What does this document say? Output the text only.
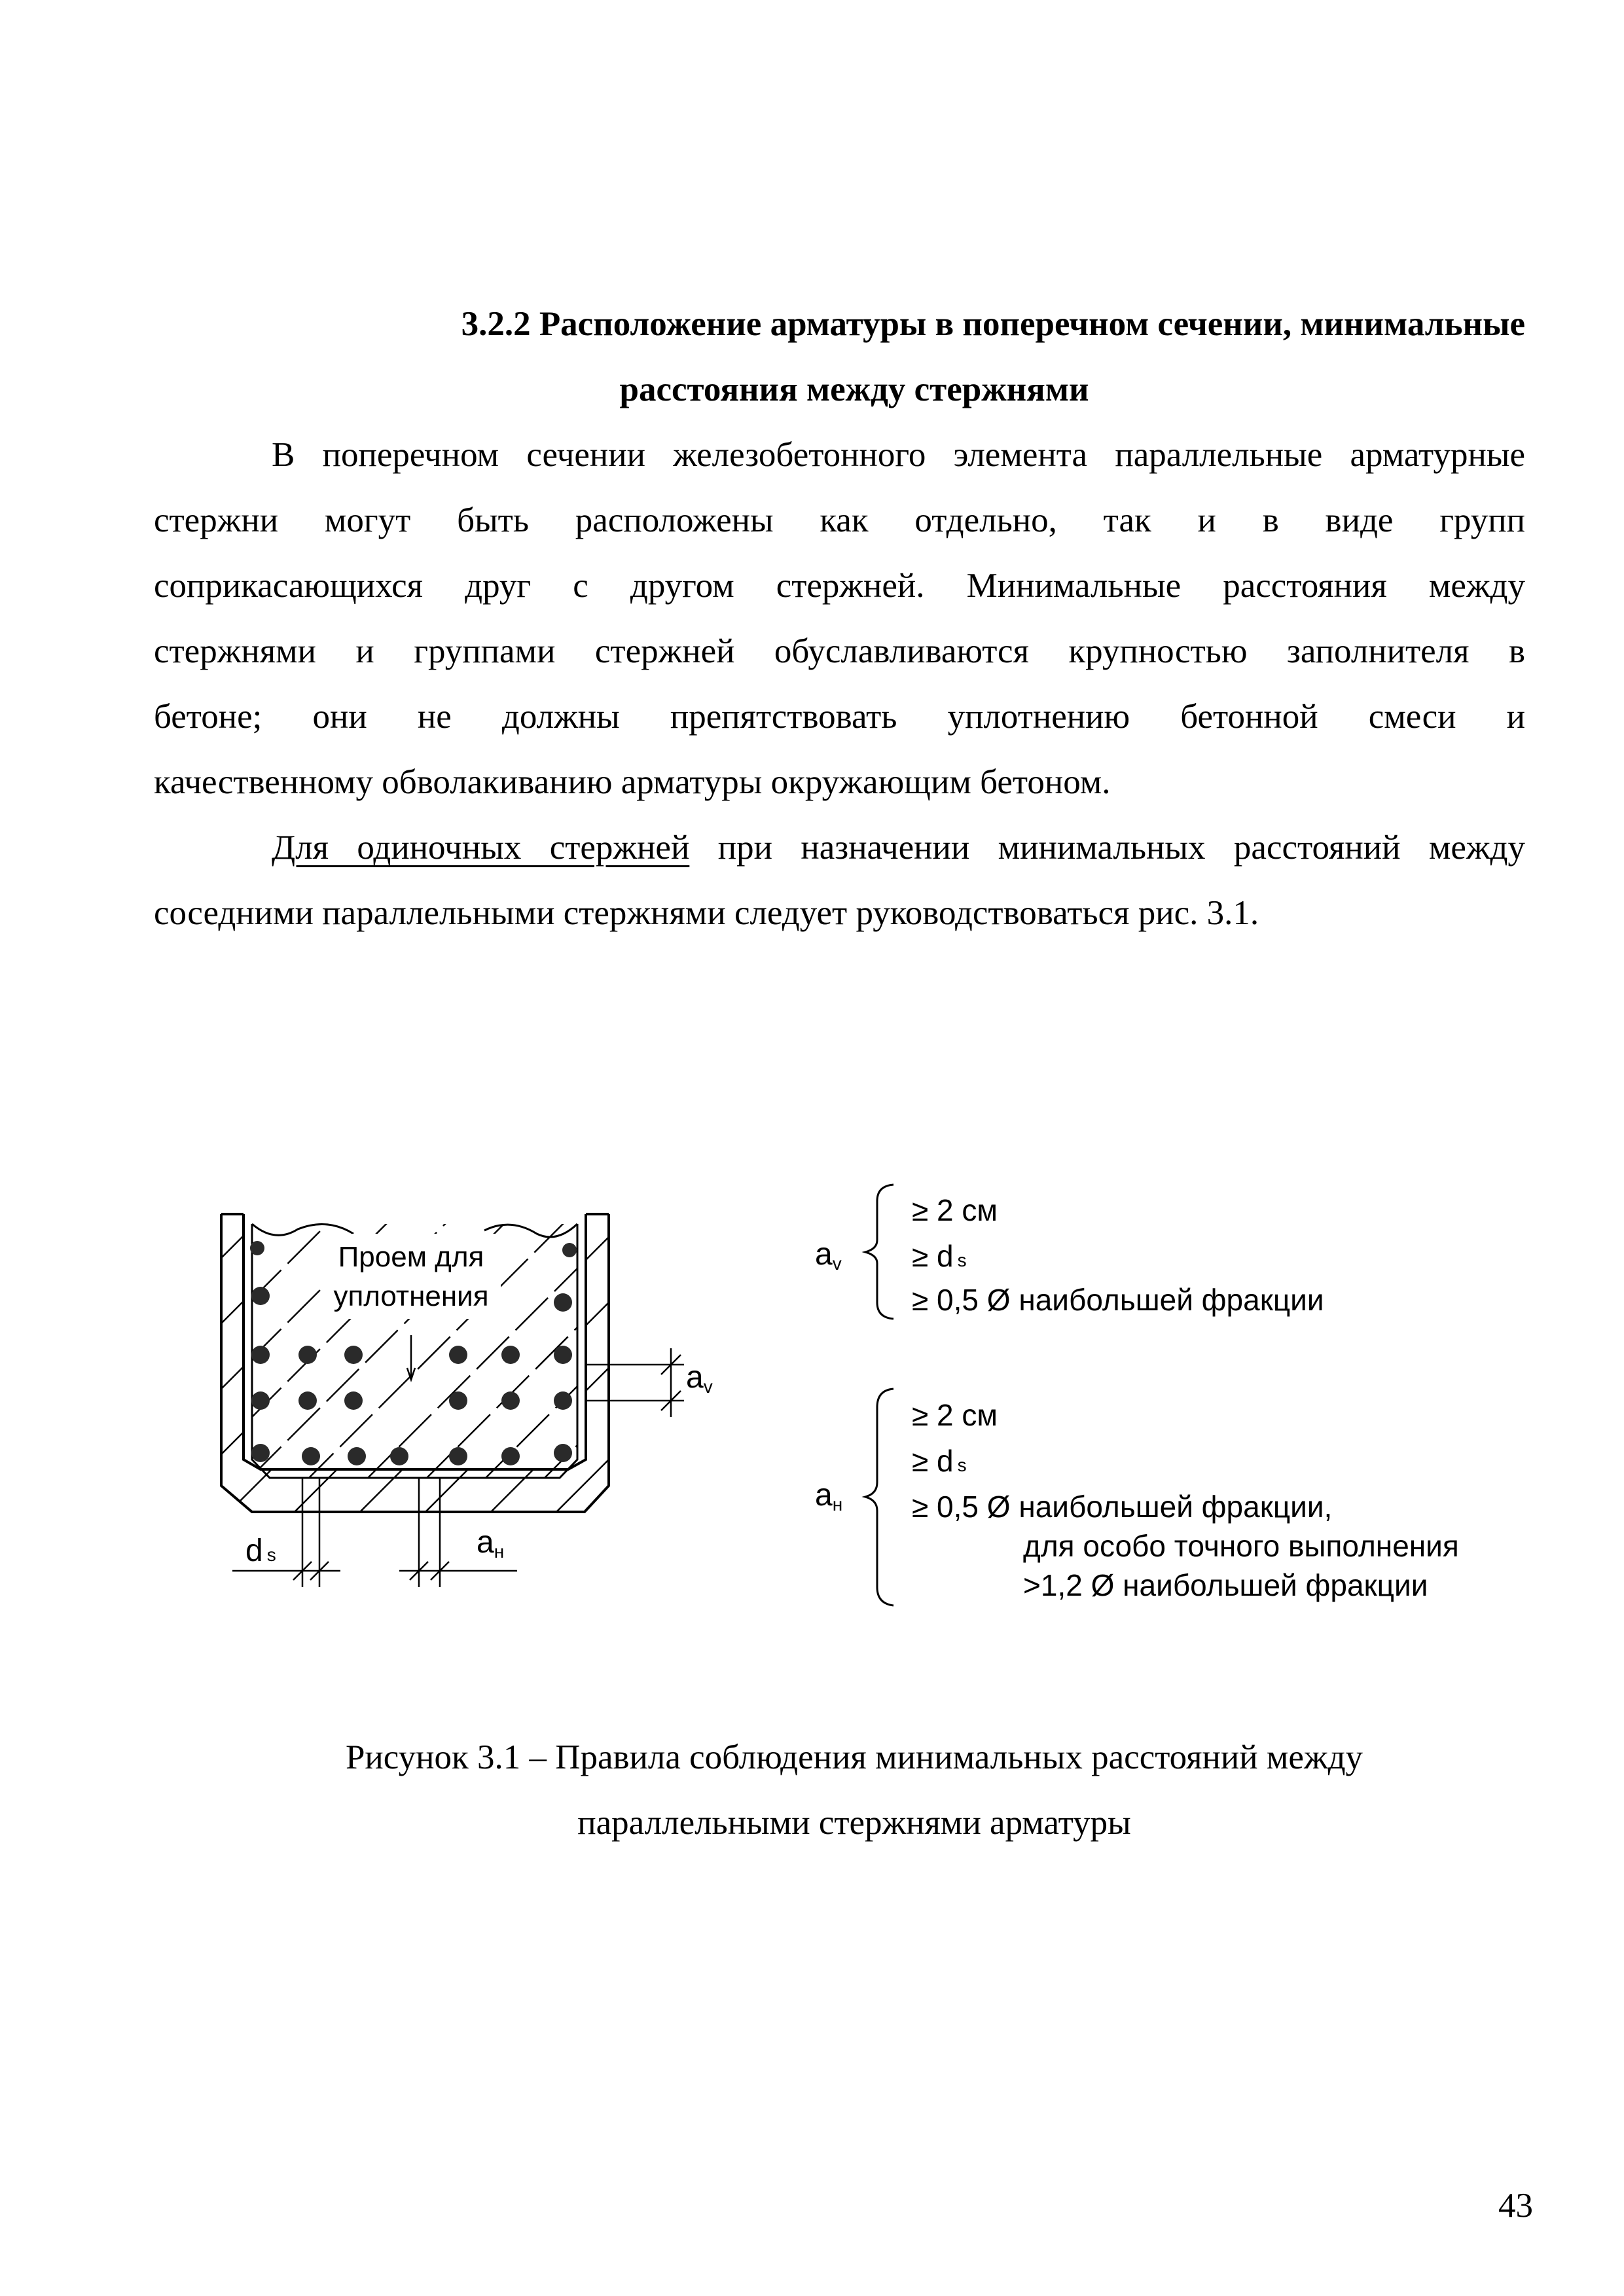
3.2.2 Расположение арматуры в поперечном сечении, минимальные
расстояния между стержнями
В поперечном сечении железобетонного элемента параллельные арматурные
стержни могут быть расположены как отдельно, так и в виде групп
соприкасающихся друг с другом стержней. Минимальные расстояния между
стержнями и группами стержней обуславливаются крупностью заполнителя в
бетоне; они не должны препятствовать уплотнению бетонной смеси и
качественному обволакиванию арматуры окружающим бетоном.
Для одиночных стержней при назначении минимальных расстояний между
соседними параллельными стержнями следует руководствоваться рис. 3.1.
Проем для
уплотнения
av
ds	aн
av
≥ 2 см
≥ d s
≥ 0,5 Ø наибольшей фракции
aн
≥ 2 см
≥ d s
≥ 0,5 Ø наибольшей фракции,
для особо точного выполнения
>1,2 Ø наибольшей фракции
Рисунок 3.1 – Правила соблюдения минимальных расстояний между
параллельными стержнями арматуры
43
